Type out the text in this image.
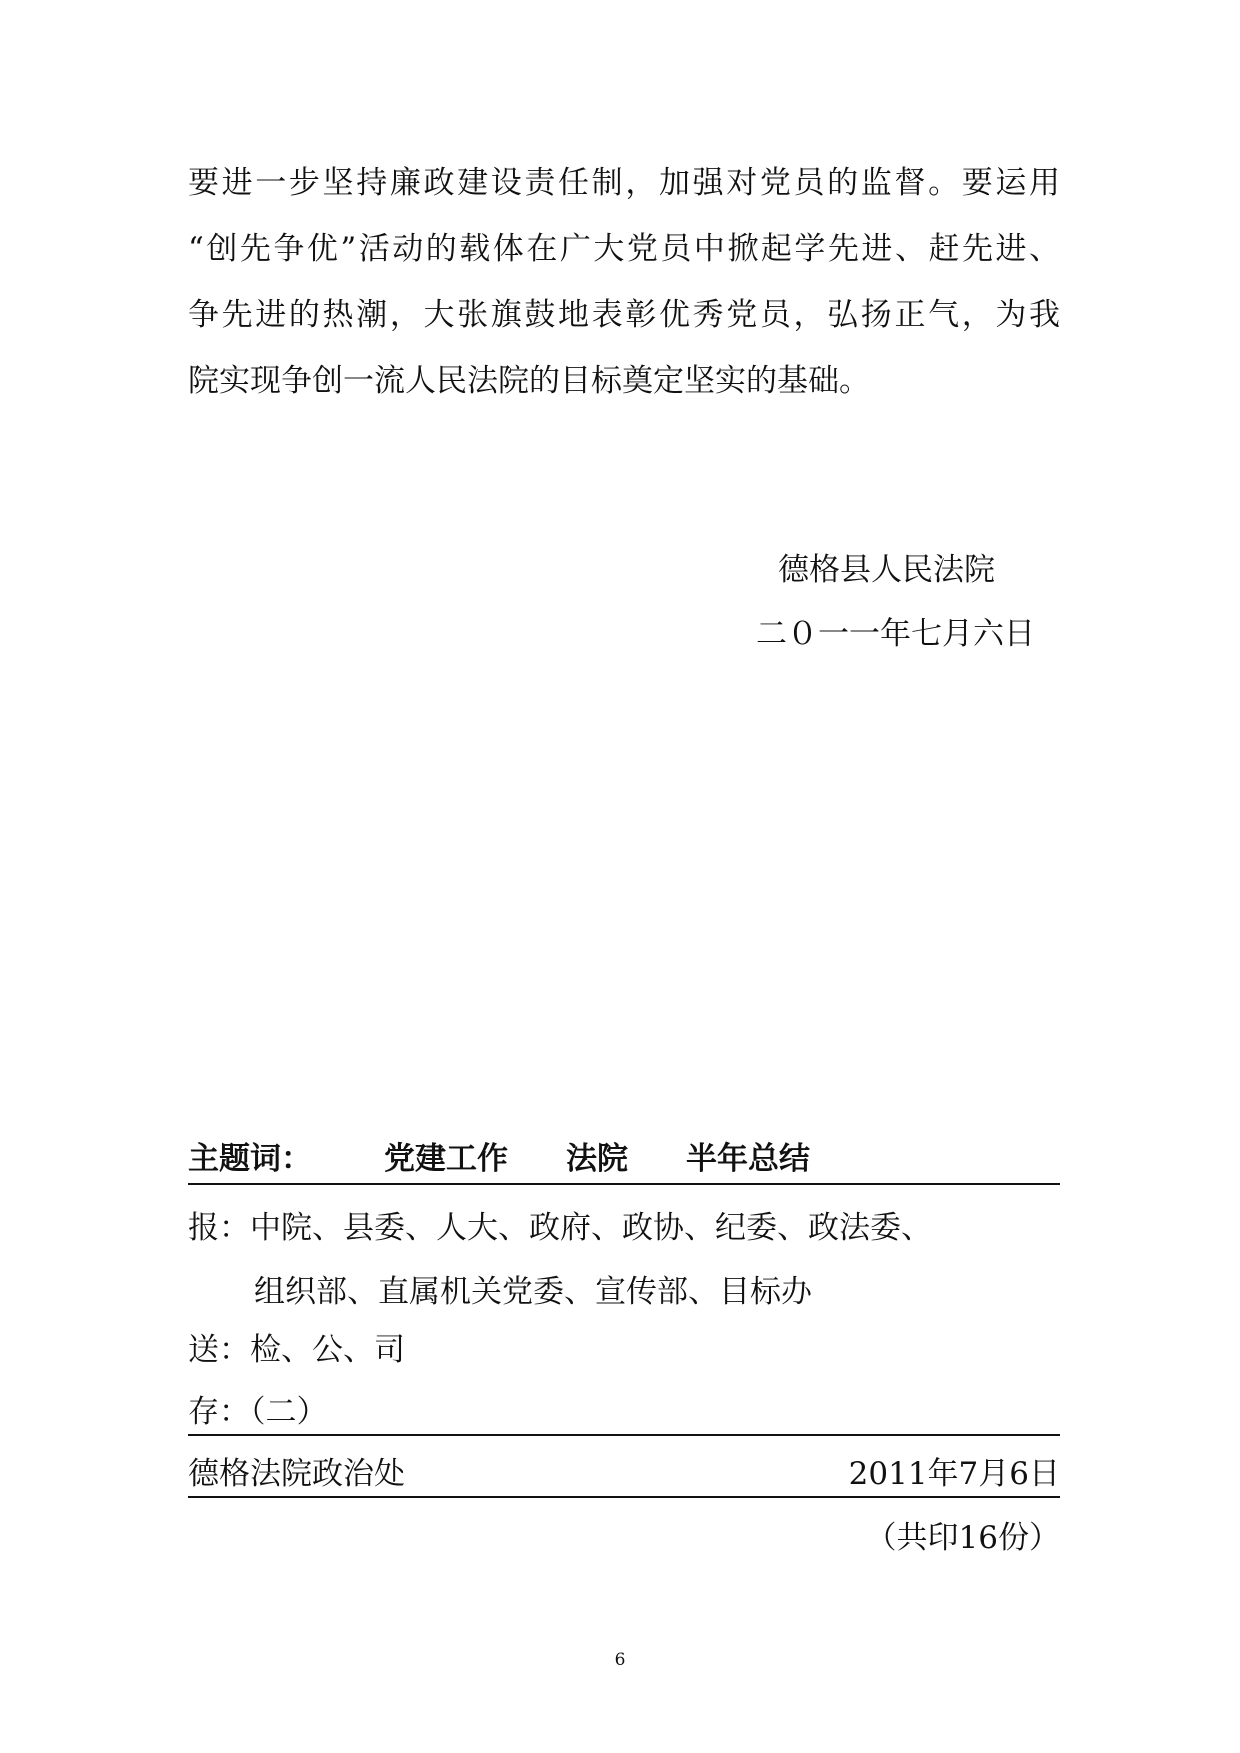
要进一步坚持廉政建设责任制，加强对党员的监督。要运用
“创先争优”活动的载体在广大党员中掀起学先进、赶先进、
争先进的热潮，大张旗鼓地表彰优秀党员，弘扬正气，为我
院实现争创一流人民法院的目标奠定坚实的基础。
德格县人民法院
二０一一年七月六日
主题词： 党建工作 法院 半年总结
报：中院、县委、人大、政府、政协、纪委、政法委、
组织部、直属机关党委、宣传部、目标办
送：检、公、司
存：（二）
德格法院政治处	2011年7月6日
（共印16份）
6
